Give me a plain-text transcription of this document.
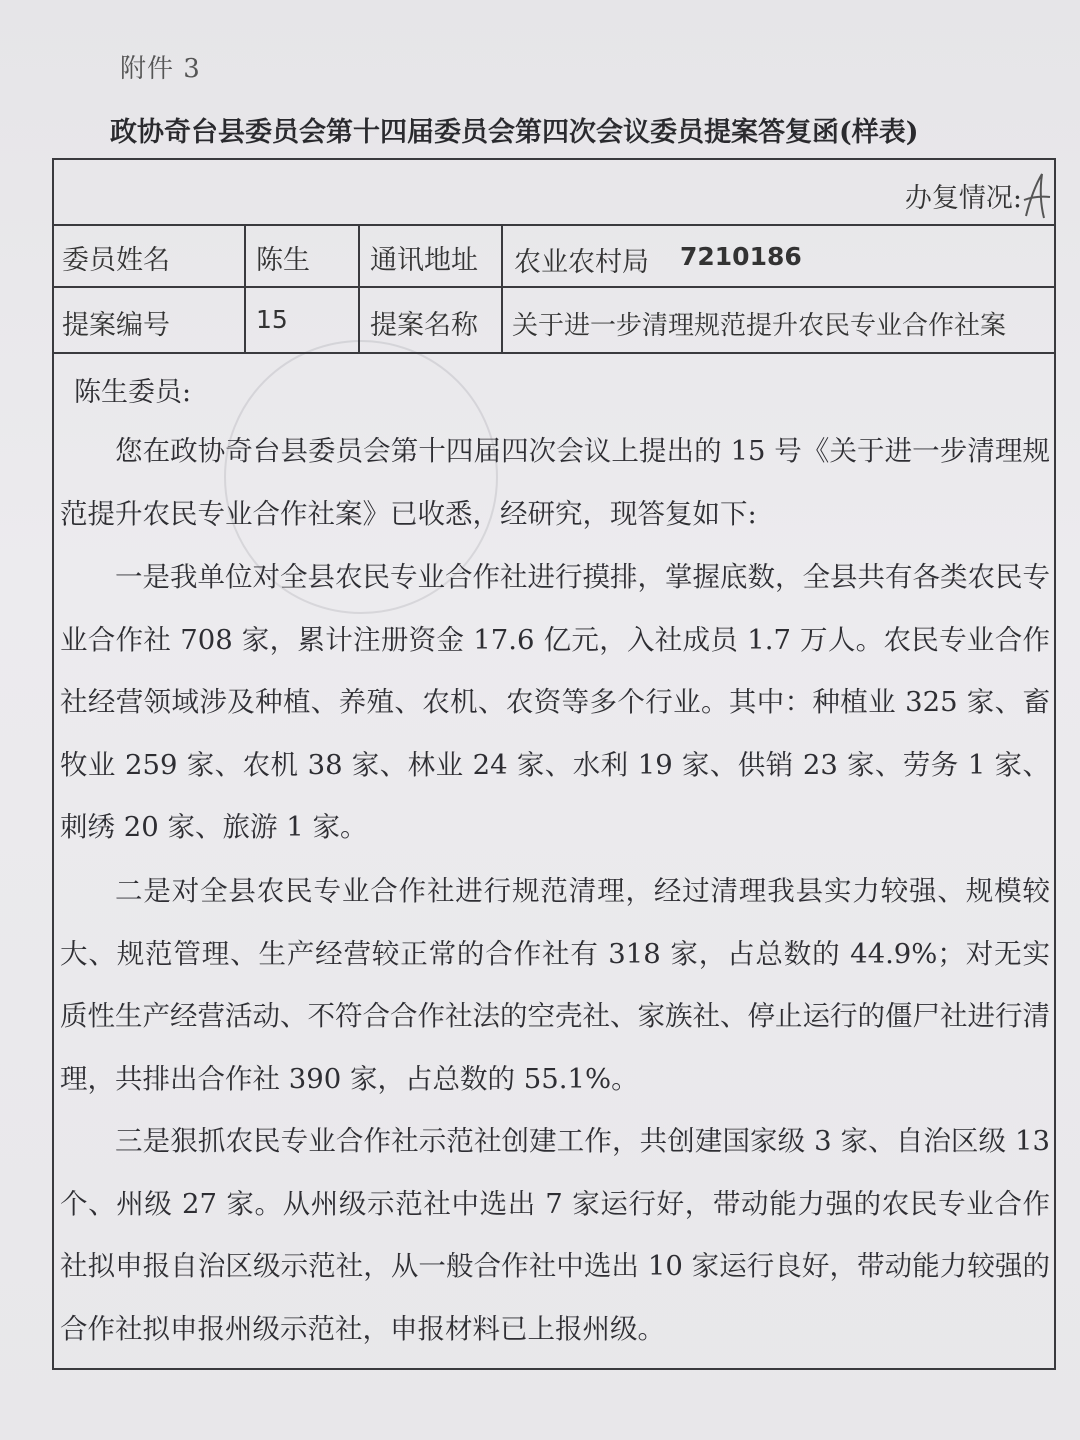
附件 3
政协奇台县委员会第十四届委员会第四次会议委员提案答复函(样表)
办复情况:
委员姓名	陈生 通讯地址 农业农村局 7210186
提案编号	15	提案名称 关于进一步清理规范提升农民专业合作社案
陈生委员:
您在政协奇台县委员会第十四届四次会议上提出的 15 号《关于进一步清理规范提升农民专业合作社案》已收悉，经研究，现答复如下:
一是我单位对全县农民专业合作社进行摸排，掌握底数，全县共有各类农民专业合作社 708 家，累计注册资金 17.6 亿元，入社成员 1.7 万人。农民专业合作社经营领域涉及种植、养殖、农机、农资等多个行业。其中：种植业 325 家、畜牧业 259 家、农机 38 家、林业 24 家、水利 19 家、供销 23 家、劳务 1 家、刺绣 20 家、旅游 1 家。
二是对全县农民专业合作社进行规范清理，经过清理我县实力较强、规模较大、规范管理、生产经营较正常的合作社有 318 家，占总数的 44.9%；对无实质性生产经营活动、不符合合作社法的空壳社、家族社、停止运行的僵尸社进行清理，共排出合作社 390 家，占总数的 55.1%。
三是狠抓农民专业合作社示范社创建工作，共创建国家级 3 家、自治区级 13 个、州级 27 家。从州级示范社中选出 7 家运行好，带动能力强的农民专业合作社拟申报自治区级示范社，从一般合作社中选出 10 家运行良好，带动能力较强的合作社拟申报州级示范社，申报材料已上报州级。
